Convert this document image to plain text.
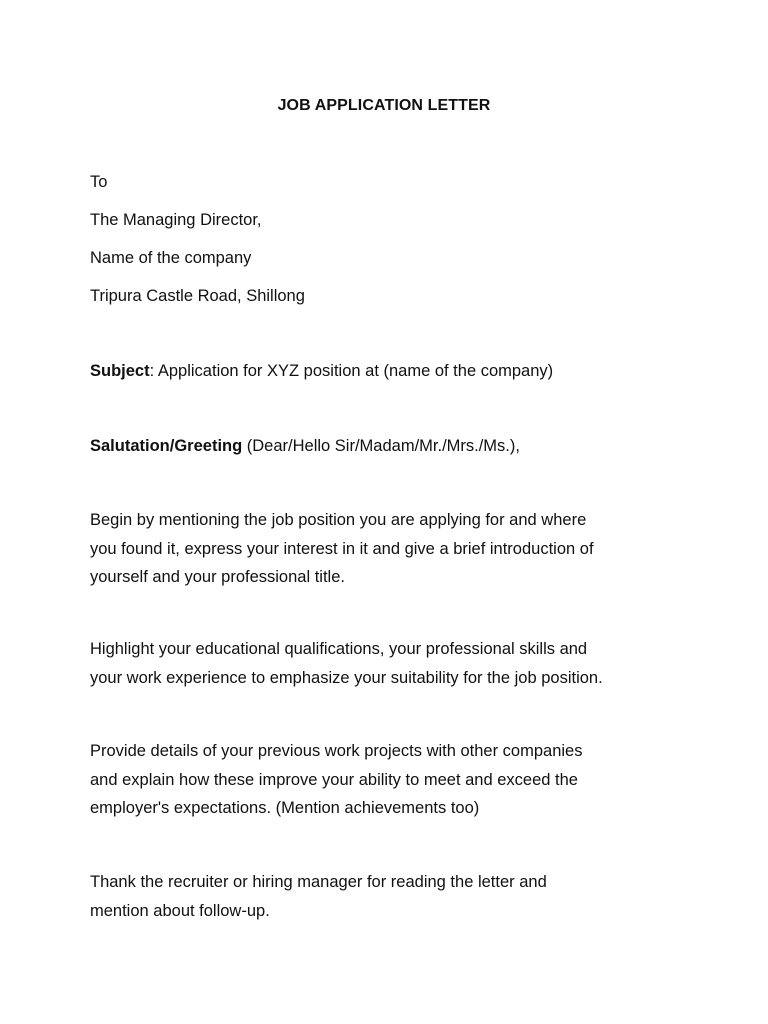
JOB APPLICATION LETTER
To
The Managing Director,
Name of the company
Tripura Castle Road, Shillong
Subject: Application for XYZ position at (name of the company)
Salutation/Greeting (Dear/Hello Sir/Madam/Mr./Mrs./Ms.),
Begin by mentioning the job position you are applying for and where
you found it, express your interest in it and give a brief introduction of
yourself and your professional title.
Highlight your educational qualifications, your professional skills and
your work experience to emphasize your suitability for the job position.
Provide details of your previous work projects with other companies
and explain how these improve your ability to meet and exceed the
employer's expectations. (Mention achievements too)
Thank the recruiter or hiring manager for reading the letter and
mention about follow-up.
